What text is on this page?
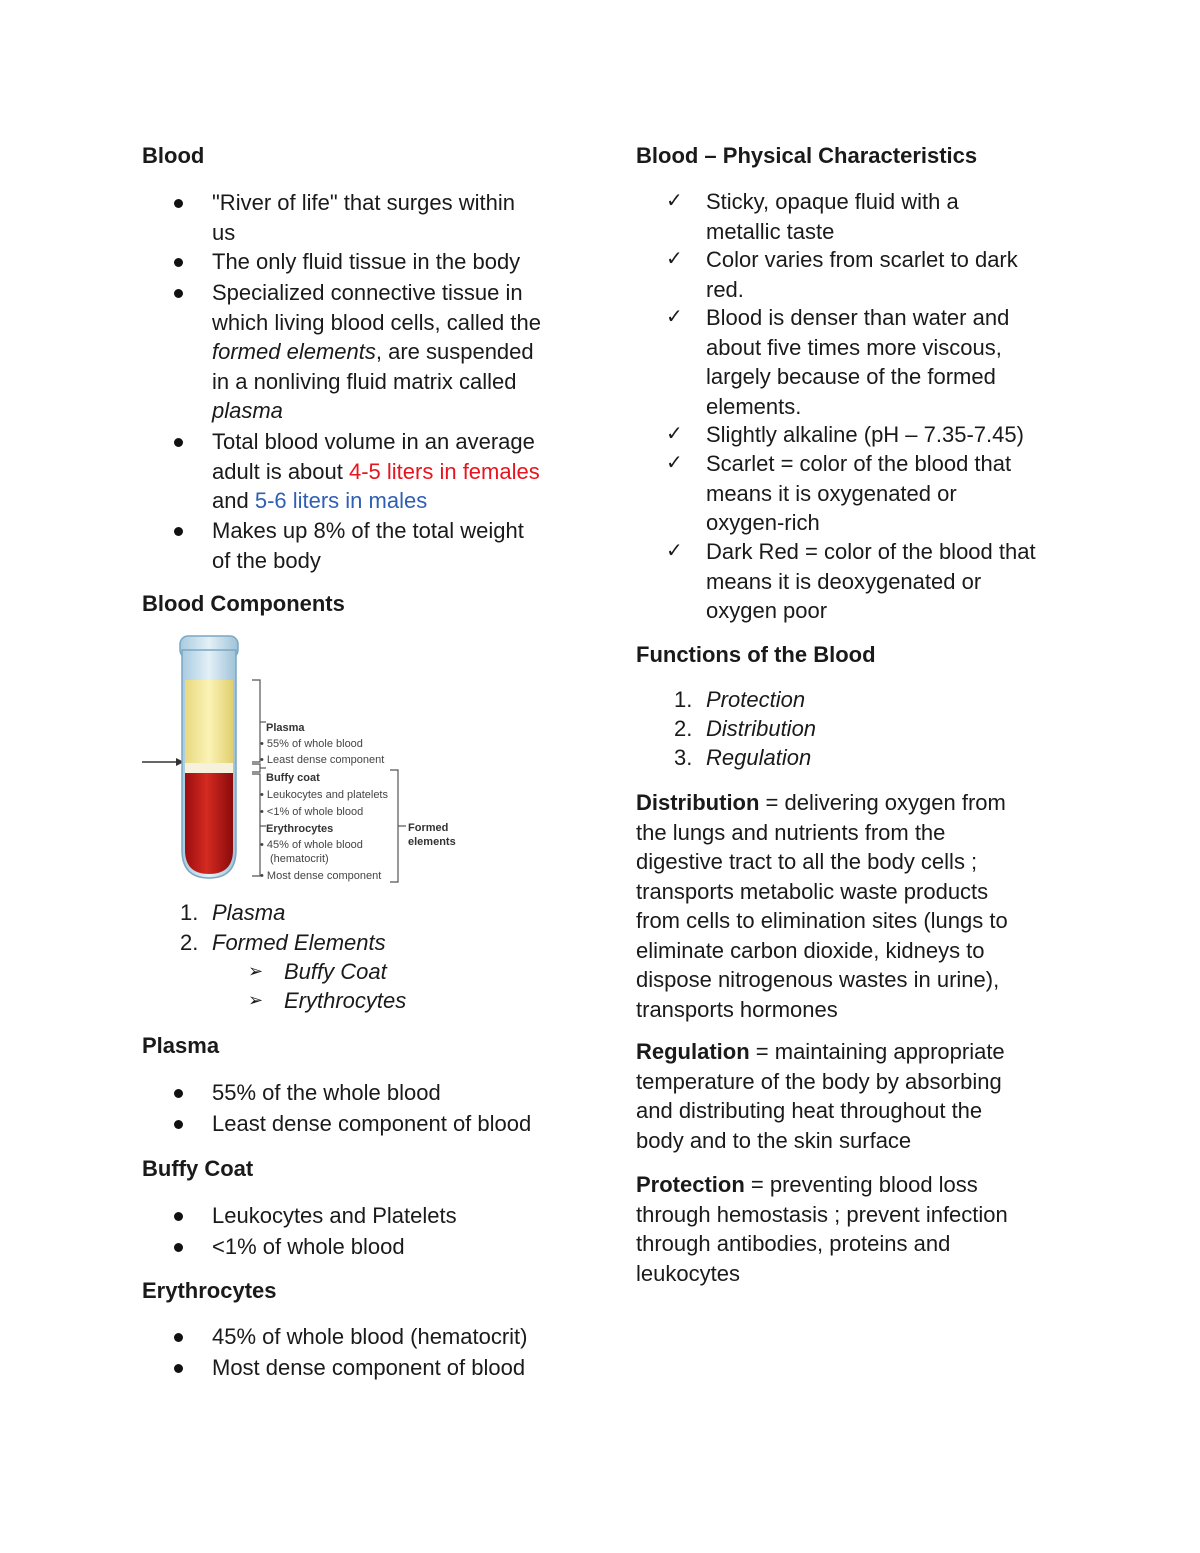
Blood
"River of life" that surges within
us
The only fluid tissue in the body
Specialized connective tissue in
which living blood cells, called the
formed elements, are suspended
in a nonliving fluid matrix called
plasma
Total blood volume in an average
adult is about 4-5 liters in females
and 5-6 liters in males
Makes up 8% of the total weight
of the body
Blood Components
Plasma
• 55% of whole blood
• Least dense component
Buffy coat
• Leukocytes and platelets
• <1% of whole blood
Erythrocytes
• 45% of whole blood
(hematocrit)
• Most dense component
Formed
elements
1. Plasma
2. Formed Elements
➢ Buffy Coat
➢ Erythrocytes
Plasma
55% of the whole blood
Least dense component of blood
Buffy Coat
Leukocytes and Platelets
<1% of whole blood
Erythrocytes
45% of whole blood (hematocrit)
Most dense component of blood
Blood – Physical Characteristics
✓ Sticky, opaque fluid with a
metallic taste
✓ Color varies from scarlet to dark
red.
✓ Blood is denser than water and
about five times more viscous,
largely because of the formed
elements.
✓ Slightly alkaline (pH – 7.35-7.45)
✓ Scarlet = color of the blood that
means it is oxygenated or
oxygen-rich
✓ Dark Red = color of the blood that
means it is deoxygenated or
oxygen poor
Functions of the Blood
1. Protection
2. Distribution
3. Regulation
Distribution = delivering oxygen from
the lungs and nutrients from the
digestive tract to all the body cells ;
transports metabolic waste products
from cells to elimination sites (lungs to
eliminate carbon dioxide, kidneys to
dispose nitrogenous wastes in urine),
transports hormones
Regulation = maintaining appropriate
temperature of the body by absorbing
and distributing heat throughout the
body and to the skin surface
Protection = preventing blood loss
through hemostasis ; prevent infection
through antibodies, proteins and
leukocytes
